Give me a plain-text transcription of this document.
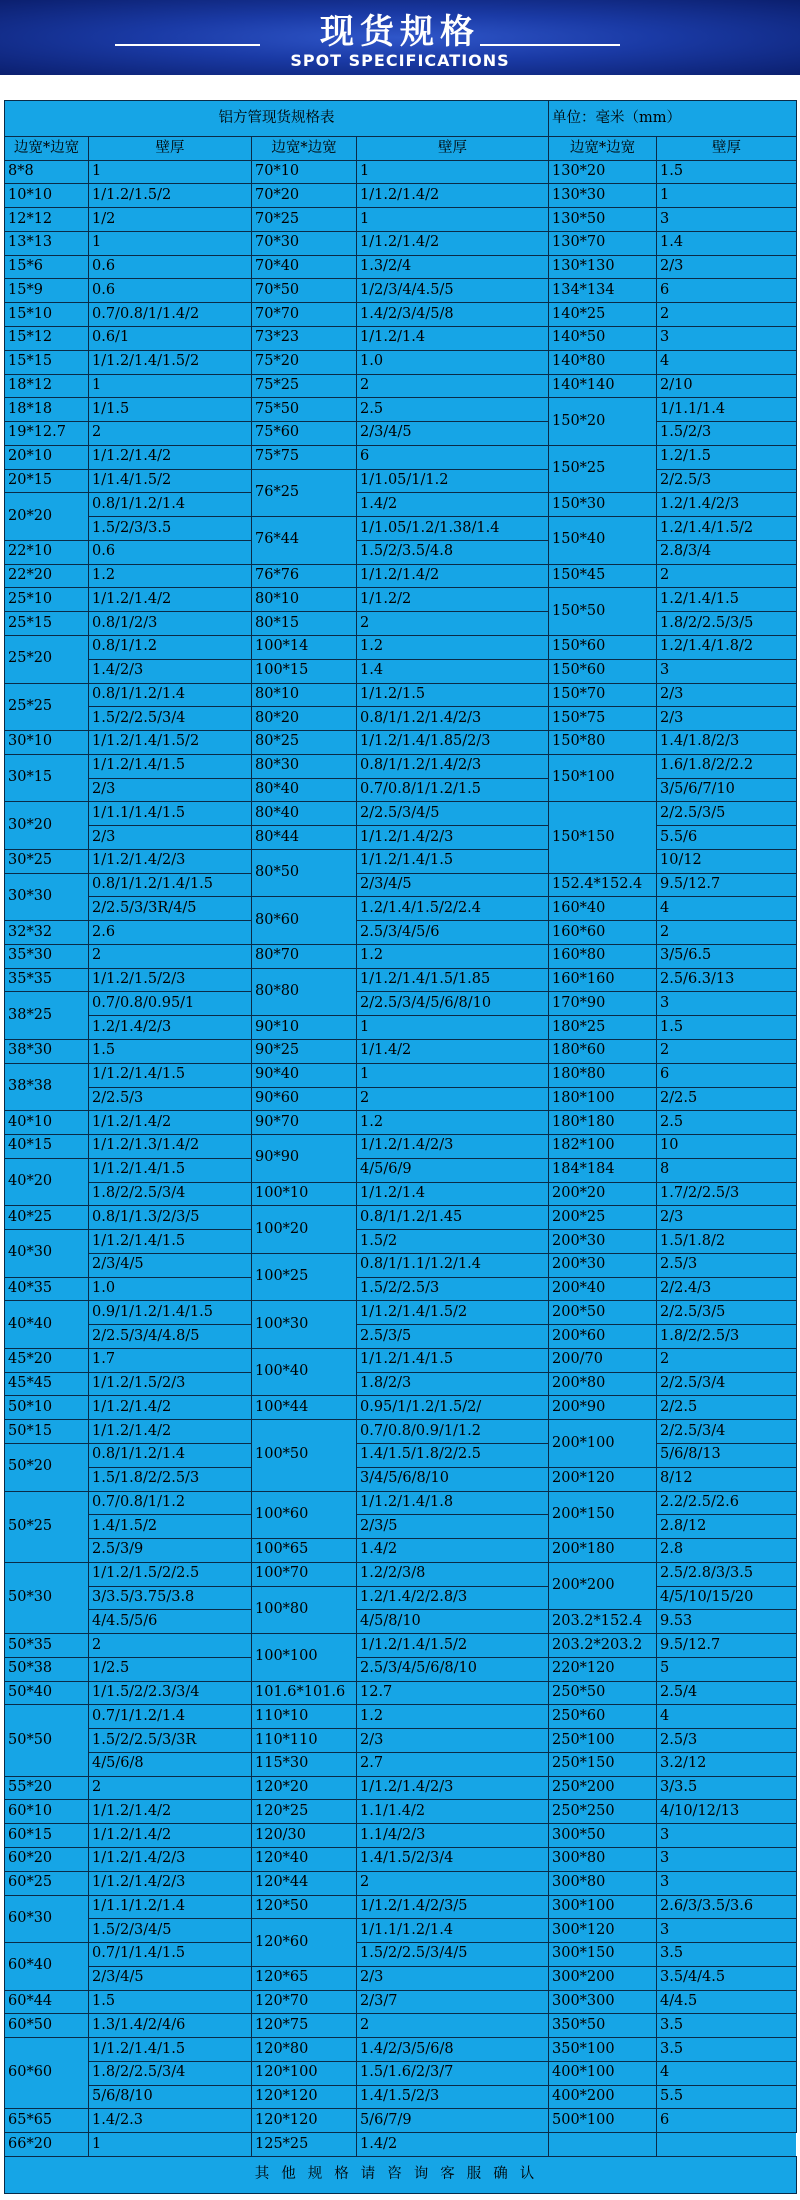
现货规格
SPOT SPECIFICATIONS
铝方管现货规格表				单位：毫米（mm）	
边宽*边宽	壁厚	边宽*边宽	壁厚	边宽*边宽	壁厚
8*8	1	70*10	1	130*20	1.5
10*10	1/1.2/1.5/2	70*20	1/1.2/1.4/2	130*30	1
12*12	1/2	70*25	1	130*50	3
13*13	1	70*30	1/1.2/1.4/2	130*70	1.4
15*6	0.6	70*40	1.3/2/4	130*130	2/3
15*9	0.6	70*50	1/2/3/4/4.5/5	134*134	6
15*10	0.7/0.8/1/1.4/2	70*70	1.4/2/3/4/5/8	140*25	2
15*12	0.6/1	73*23	1/1.2/1.4	140*50	3
15*15	1/1.2/1.4/1.5/2	75*20	1.0	140*80	4
18*12	1	75*25	2	140*140	2/10
18*18	1/1.5	75*50	2.5	150*20	1/1.1/1.4
19*12.7	2	75*60	2/3/4/5		1.5/2/3
20*10	1/1.2/1.4/2	75*75	6	150*25	1.2/1.5
20*15	1/1.4/1.5/2	76*25	1/1.05/1/1.2		2/2.5/3
20*20	0.8/1/1.2/1.4		1.4/2	150*30	1.2/1.4/2/3
	1.5/2/3/3.5	76*44	1/1.05/1.2/1.38/1.4	150*40	1.2/1.4/1.5/2
22*10	0.6		1.5/2/3.5/4.8		2.8/3/4
22*20	1.2	76*76	1/1.2/1.4/2	150*45	2
25*10	1/1.2/1.4/2	80*10	1/1.2/2	150*50	1.2/1.4/1.5
25*15	0.8/1/2/3	80*15	2		1.8/2/2.5/3/5
25*20	0.8/1/1.2	100*14	1.2	150*60	1.2/1.4/1.8/2
	1.4/2/3	100*15	1.4	150*60	3
25*25	0.8/1/1.2/1.4	80*10	1/1.2/1.5	150*70	2/3
	1.5/2/2.5/3/4	80*20	0.8/1/1.2/1.4/2/3	150*75	2/3
30*10	1/1.2/1.4/1.5/2	80*25	1/1.2/1.4/1.85/2/3	150*80	1.4/1.8/2/3
30*15	1/1.2/1.4/1.5	80*30	0.8/1/1.2/1.4/2/3	150*100	1.6/1.8/2/2.2
	2/3	80*40	0.7/0.8/1/1.2/1.5		3/5/6/7/10
30*20	1/1.1/1.4/1.5	80*40	2/2.5/3/4/5	150*150	2/2.5/3/5
	2/3	80*44	1/1.2/1.4/2/3		5.5/6
30*25	1/1.2/1.4/2/3	80*50	1/1.2/1.4/1.5		10/12
30*30	0.8/1/1.2/1.4/1.5		2/3/4/5	152.4*152.4	9.5/12.7
	2/2.5/3/3R/4/5	80*60	1.2/1.4/1.5/2/2.4	160*40	4
32*32	2.6		2.5/3/4/5/6	160*60	2
35*30	2	80*70	1.2	160*80	3/5/6.5
35*35	1/1.2/1.5/2/3	80*80	1/1.2/1.4/1.5/1.85	160*160	2.5/6.3/13
38*25	0.7/0.8/0.95/1		2/2.5/3/4/5/6/8/10	170*90	3
	1.2/1.4/2/3	90*10	1	180*25	1.5
38*30	1.5	90*25	1/1.4/2	180*60	2
38*38	1/1.2/1.4/1.5	90*40	1	180*80	6
	2/2.5/3	90*60	2	180*100	2/2.5
40*10	1/1.2/1.4/2	90*70	1.2	180*180	2.5
40*15	1/1.2/1.3/1.4/2	90*90	1/1.2/1.4/2/3	182*100	10
40*20	1/1.2/1.4/1.5		4/5/6/9	184*184	8
	1.8/2/2.5/3/4	100*10	1/1.2/1.4	200*20	1.7/2/2.5/3
40*25	0.8/1/1.3/2/3/5	100*20	0.8/1/1.2/1.45	200*25	2/3
40*30	1/1.2/1.4/1.5		1.5/2	200*30	1.5/1.8/2
	2/3/4/5	100*25	0.8/1/1.1/1.2/1.4	200*30	2.5/3
40*35	1.0		1.5/2/2.5/3	200*40	2/2.4/3
40*40	0.9/1/1.2/1.4/1.5	100*30	1/1.2/1.4/1.5/2	200*50	2/2.5/3/5
	2/2.5/3/4/4.8/5		2.5/3/5	200*60	1.8/2/2.5/3
45*20	1.7	100*40	1/1.2/1.4/1.5	200/70	2
45*45	1/1.2/1.5/2/3		1.8/2/3	200*80	2/2.5/3/4
50*10	1/1.2/1.4/2	100*44	0.95/1/1.2/1.5/2/	200*90	2/2.5
50*15	1/1.2/1.4/2	100*50	0.7/0.8/0.9/1/1.2	200*100	2/2.5/3/4
50*20	0.8/1/1.2/1.4		1.4/1.5/1.8/2/2.5		5/6/8/13
	1.5/1.8/2/2.5/3		3/4/5/6/8/10	200*120	8/12
50*25	0.7/0.8/1/1.2	100*60	1/1.2/1.4/1.8	200*150	2.2/2.5/2.6
	1.4/1.5/2		2/3/5		2.8/12
	2.5/3/9	100*65	1.4/2	200*180	2.8
50*30	1/1.2/1.5/2/2.5	100*70	1.2/2/3/8	200*200	2.5/2.8/3/3.5
	3/3.5/3.75/3.8	100*80	1.2/1.4/2/2.8/3		4/5/10/15/20
	4/4.5/5/6		4/5/8/10	203.2*152.4	9.53
50*35	2	100*100	1/1.2/1.4/1.5/2	203.2*203.2	9.5/12.7
50*38	1/2.5		2.5/3/4/5/6/8/10	220*120	5
50*40	1/1.5/2/2.3/3/4	101.6*101.6	12.7	250*50	2.5/4
50*50	0.7/1/1.2/1.4	110*10	1.2	250*60	4
	1.5/2/2.5/3/3R	110*110	2/3	250*100	2.5/3
	4/5/6/8	115*30	2.7	250*150	3.2/12
55*20	2	120*20	1/1.2/1.4/2/3	250*200	3/3.5
60*10	1/1.2/1.4/2	120*25	1.1/1.4/2	250*250	4/10/12/13
60*15	1/1.2/1.4/2	120/30	1.1/4/2/3	300*50	3
60*20	1/1.2/1.4/2/3	120*40	1.4/1.5/2/3/4	300*80	3
60*25	1/1.2/1.4/2/3	120*44	2	300*80	3
60*30	1/1.1/1.2/1.4	120*50	1/1.2/1.4/2/3/5	300*100	2.6/3/3.5/3.6
	1.5/2/3/4/5	120*60	1/1.1/1.2/1.4	300*120	3
60*40	0.7/1/1.4/1.5		1.5/2/2.5/3/4/5	300*150	3.5
	2/3/4/5	120*65	2/3	300*200	3.5/4/4.5
60*44	1.5	120*70	2/3/7	300*300	4/4.5
60*50	1.3/1.4/2/4/6	120*75	2	350*50	3.5
60*60	1/1.2/1.4/1.5	120*80	1.4/2/3/5/6/8	350*100	3.5
	1.8/2/2.5/3/4	120*100	1.5/1.6/2/3/7	400*100	4
	5/6/8/10	120*120	1.4/1.5/2/3	400*200	5.5
65*65	1.4/2.3	120*120	5/6/7/9	500*100	6
66*20	1	125*25	1.4/2		
其他规格请咨询客服确认					
